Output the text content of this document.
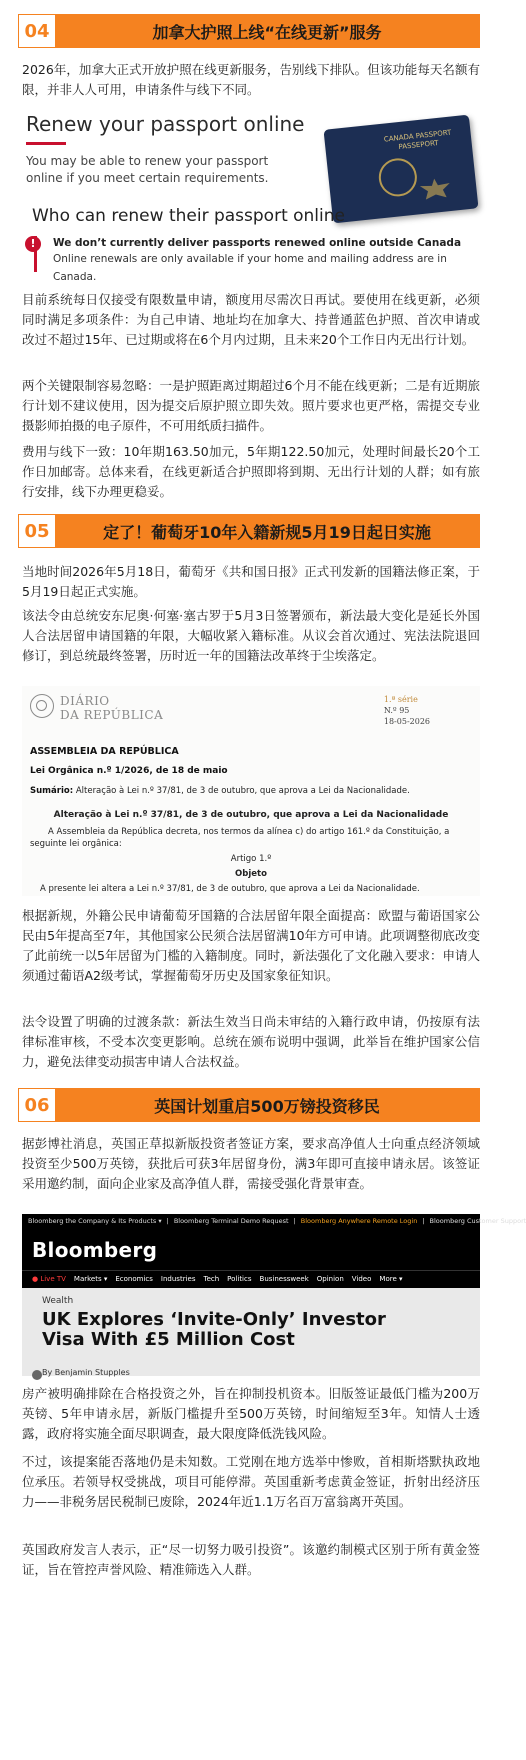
04	加拿大护照上线“在线更新”服务

2026年，加拿大正式开放护照在线更新服务，告别线下排队。但该功能每天名额有限，并非人人可用，申请条件与线下不同。

Renew your passport online
You may be able to renew your passport online if you meet certain requirements.
CANADA PASSPORT PASSEPORT
Who can renew their passport online
!	We don’t currently deliver passports renewed online outside Canada
Online renewals are only available if your home and mailing address are in Canada.

目前系统每日仅接受有限数量申请，额度用尽需次日再试。要使用在线更新，必须同时满足多项条件：为自己申请、地址均在加拿大、持普通蓝色护照、首次申请或改过不超过15年、已过期或将在6个月内过期，且未来20个工作日内无出行计划。

两个关键限制容易忽略：一是护照距离过期超过6个月不能在线更新；二是有近期旅行计划不建议使用，因为提交后原护照立即失效。照片要求也更严格，需提交专业摄影师拍摄的电子原件，不可用纸质扫描件。

费用与线下一致：10年期163.50加元，5年期122.50加元，处理时间最长20个工作日加邮寄。总体来看，在线更新适合护照即将到期、无出行计划的人群；如有旅行安排，线下办理更稳妥。

05	定了！葡萄牙10年入籍新规5月19日起日实施

当地时间2026年5月18日，葡萄牙《共和国日报》正式刊发新的国籍法修正案，于5月19日起正式实施。

该法令由总统安东尼奥·何塞·塞古罗于5月3日签署颁布，新法最大变化是延长外国人合法居留申请国籍的年限，大幅收紧入籍标准。从议会首次通过、宪法法院退回修订，到总统最终签署，历时近一年的国籍法改革终于尘埃落定。

DIÁRIO
DA REPÚBLICA
1.ª série
N.º 95
18-05-2026
ASSEMBLEIA DA REPÚBLICA
Lei Orgânica n.º 1/2026, de 18 de maio
Sumário: Alteração à Lei n.º 37/81, de 3 de outubro, que aprova a Lei da Nacionalidade.
Alteração à Lei n.º 37/81, de 3 de outubro, que aprova a Lei da Nacionalidade
A Assembleia da República decreta, nos termos da alínea c) do artigo 161.º da Constituição, a seguinte lei orgânica:
Artigo 1.º
Objeto
A presente lei altera a Lei n.º 37/81, de 3 de outubro, que aprova a Lei da Nacionalidade.

根据新规，外籍公民申请葡萄牙国籍的合法居留年限全面提高：欧盟与葡语国家公民由5年提高至7年，其他国家公民须合法居留满10年方可申请。此项调整彻底改变了此前统一以5年居留为门槛的入籍制度。同时，新法强化了文化融入要求：申请人须通过葡语A2级考试，掌握葡萄牙历史及国家象征知识。

法令设置了明确的过渡条款：新法生效当日尚未审结的入籍行政申请，仍按原有法律标准审核，不受本次变更影响。总统在颁布说明中强调，此举旨在维护国家公信力，避免法律变动损害申请人合法权益。

06	英国计划重启500万镑投资移民

据彭博社消息，英国正草拟新版投资者签证方案，要求高净值人士向重点经济领域投资至少500万英镑，获批后可获3年居留身份，满3年即可直接申请永居。该签证采用邀约制，面向企业家及高净值人群，需接受强化背景审查。

Bloomberg the Company & Its Products ▾ | Bloomberg Terminal Demo Request | Bloomberg Anywhere Remote Login | Bloomberg Customer Support
Bloomberg
● Live TV Markets ▾ Economics Industries Tech Politics Businessweek Opinion Video More ▾
Wealth
UK Explores ‘Invite-Only’ Investor Visa With £5 Million Cost
By Benjamin Stupples

房产被明确排除在合格投资之外，旨在抑制投机资本。旧版签证最低门槛为200万英镑、5年申请永居，新版门槛提升至500万英镑，时间缩短至3年。知情人士透露，政府将实施全面尽职调查，最大限度降低洗钱风险。

不过，该提案能否落地仍是未知数。工党刚在地方选举中惨败，首相斯塔默执政地位承压。若领导权受挑战，项目可能停滞。英国重新考虑黄金签证，折射出经济压力——非税务居民税制已废除，2024年近1.1万名百万富翁离开英国。

英国政府发言人表示，正“尽一切努力吸引投资”。该邀约制模式区别于所有黄金签证，旨在管控声誉风险、精准筛选入人群。
